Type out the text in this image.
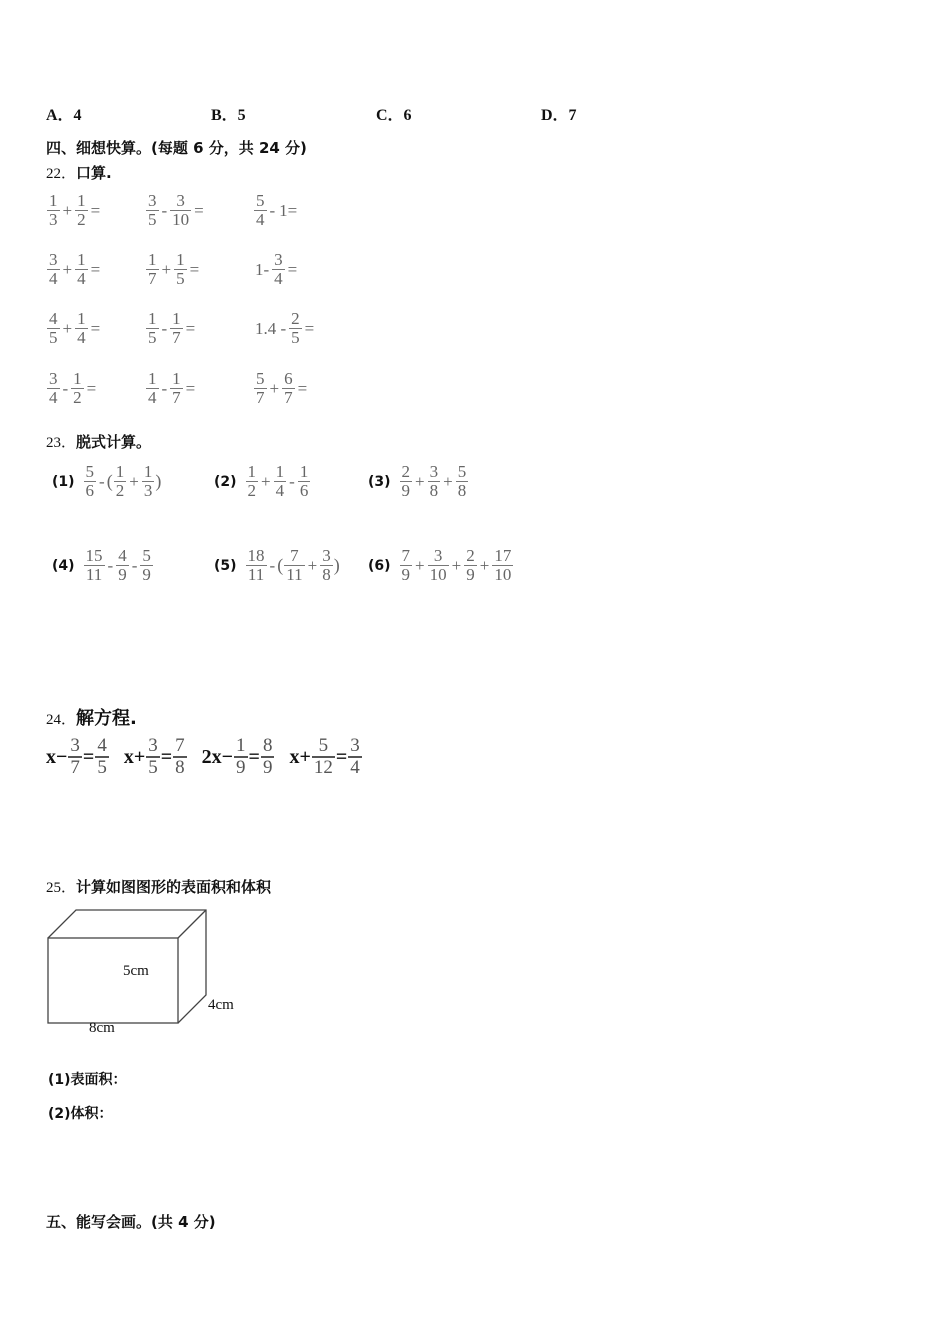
A．4	B．5	C．6	D．7
四、细想快算。(每题 6 分，共 24 分)
22．口算.
$\frac{1}{3} + \frac{1}{2}$ =	$\frac{3}{5} - \frac{3}{10}$ =	$\frac{5}{4} - 1=$
$\frac{3}{4} + \frac{1}{4}$ =	$\frac{1}{7} + \frac{1}{5}$ =	$1- \frac{3}{4}$ =
$\frac{4}{5} + \frac{1}{4}$ =	$\frac{1}{5} - \frac{1}{7}$ =	$1.4 - \frac{2}{5}$ =
$\frac{3}{4} - \frac{1}{2}$ =	$\frac{1}{4} - \frac{1}{7}$ =	$\frac{5}{7} + \frac{6}{7}$ =
23．脱式计算。
$(1) \frac{5}{6}$ - ( $\frac{1}{2} + \frac{1}{3}$ )	$(2) \frac{1}{2} + \frac{1}{4} - \frac{1}{6}$	$(3) \frac{2}{9} + \frac{3}{8} + \frac{5}{8}$
$(4) \frac{15}{11} - \frac{4}{9} - \frac{5}{9}$	$(5) \frac{18}{11}$ - ( $\frac{7}{11} + \frac{3}{8}$ ) $(6) \frac{7}{9} + \frac{3}{10} + \frac{2}{9} + \frac{17}{10}$
24．解方程.
$x- \frac{3}{7} = \frac{4}{5} x+ \frac{3}{5} = \frac{7}{8} 2x- \frac{1}{9} = \frac{8}{9} x+ \frac{5}{12} = \frac{3}{4}$
25．计算如图图形的表面积和体积
5cm
4cm
8cm
(1)表面积：
(2)体积：
五、能写会画。(共 4 分)
